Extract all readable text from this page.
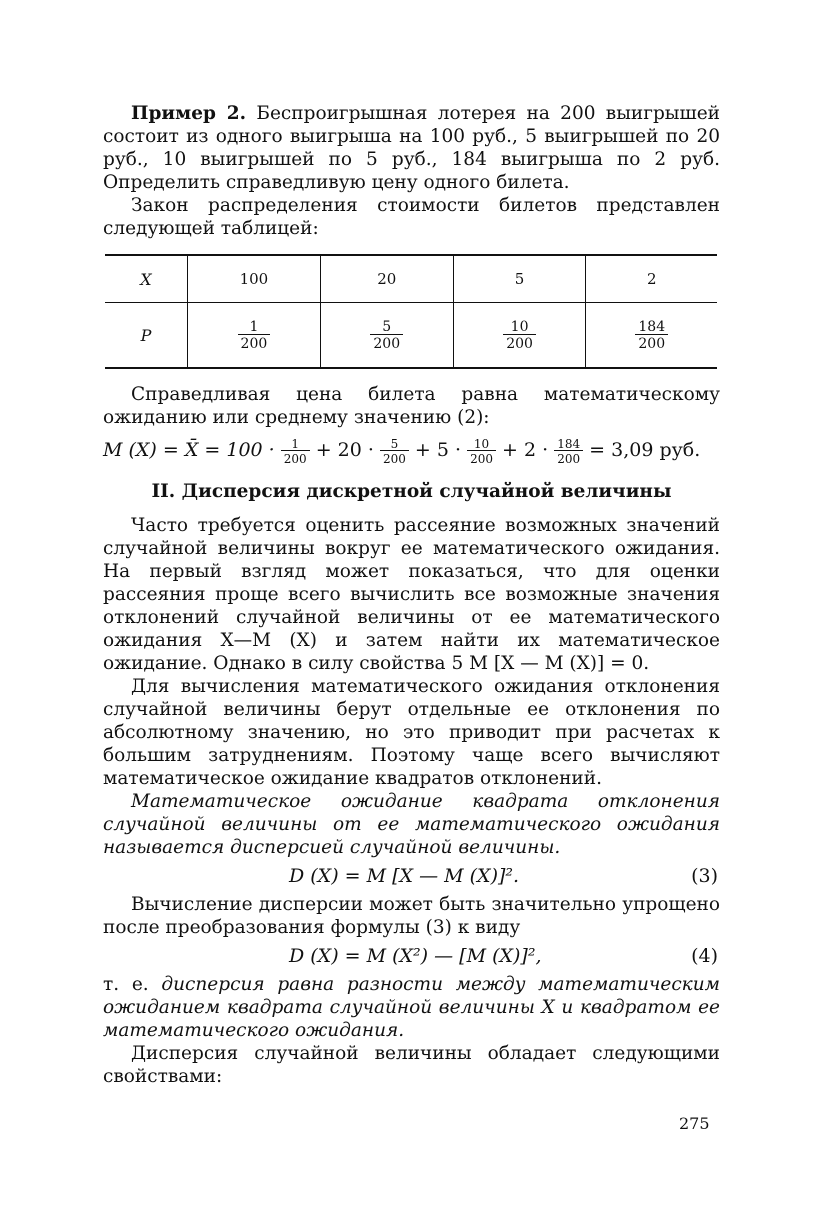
Пример 2. Беспроигрышная лотерея на 200 выигрышей состоит из одного выигрыша на 100 руб., 5 выигрышей по 20 руб., 10 выигрышей по 5 руб., 184 выигрыша по 2 руб. Определить справедливую цену одного билета.

Закон распределения стоимости билетов представлен следующей таблицей:

X	100	20	5	2
P	$\frac{1}{200}$	$\frac{5}{200}$	$\frac{10}{200}$	$\frac{184}{200}$

Справедливая цена билета равна математическому ожиданию или среднему значению (2):

M (X) = X̄ = $100 \cdot \frac{1}{200} + 20 \cdot \frac{5}{200} + 5 \cdot \frac{10}{200} + 2 \cdot \frac{184}{200} = 3,09$ руб.
II. Дисперсия дискретной случайной величины

Часто требуется оценить рассеяние возможных значений случайной величины вокруг ее математического ожидания. На первый взгляд может показаться, что для оценки рассеяния проще всего вычислить все возможные значения отклонений случайной величины от ее математического ожидания X—M (X) и затем найти их математическое ожидание. Однако в силу свойства 5 M [X — M (X)] = 0.

Для вычисления математического ожидания отклонения случайной величины берут отдельные ее отклонения по абсолютному значению, но это приводит при расчетах к большим затруднениям. Поэтому чаще всего вычисляют математическое ожидание квадратов отклонений.

Математическое ожидание квадрата отклонения случайной величины от ее математического ожидания называется дисперсией случайной величины.

D (X) = M [X — M (X)]².	(3)

Вычисление дисперсии может быть значительно упрощено после преобразования формулы (3) к виду

D (X) = M (X²) — [M (X)]²,	(4)

т. е. дисперсия равна разности между математическим ожиданием квадрата случайной величины X и квадратом ее математического ожидания.

Дисперсия случайной величины обладает следующими свойствами:

275
